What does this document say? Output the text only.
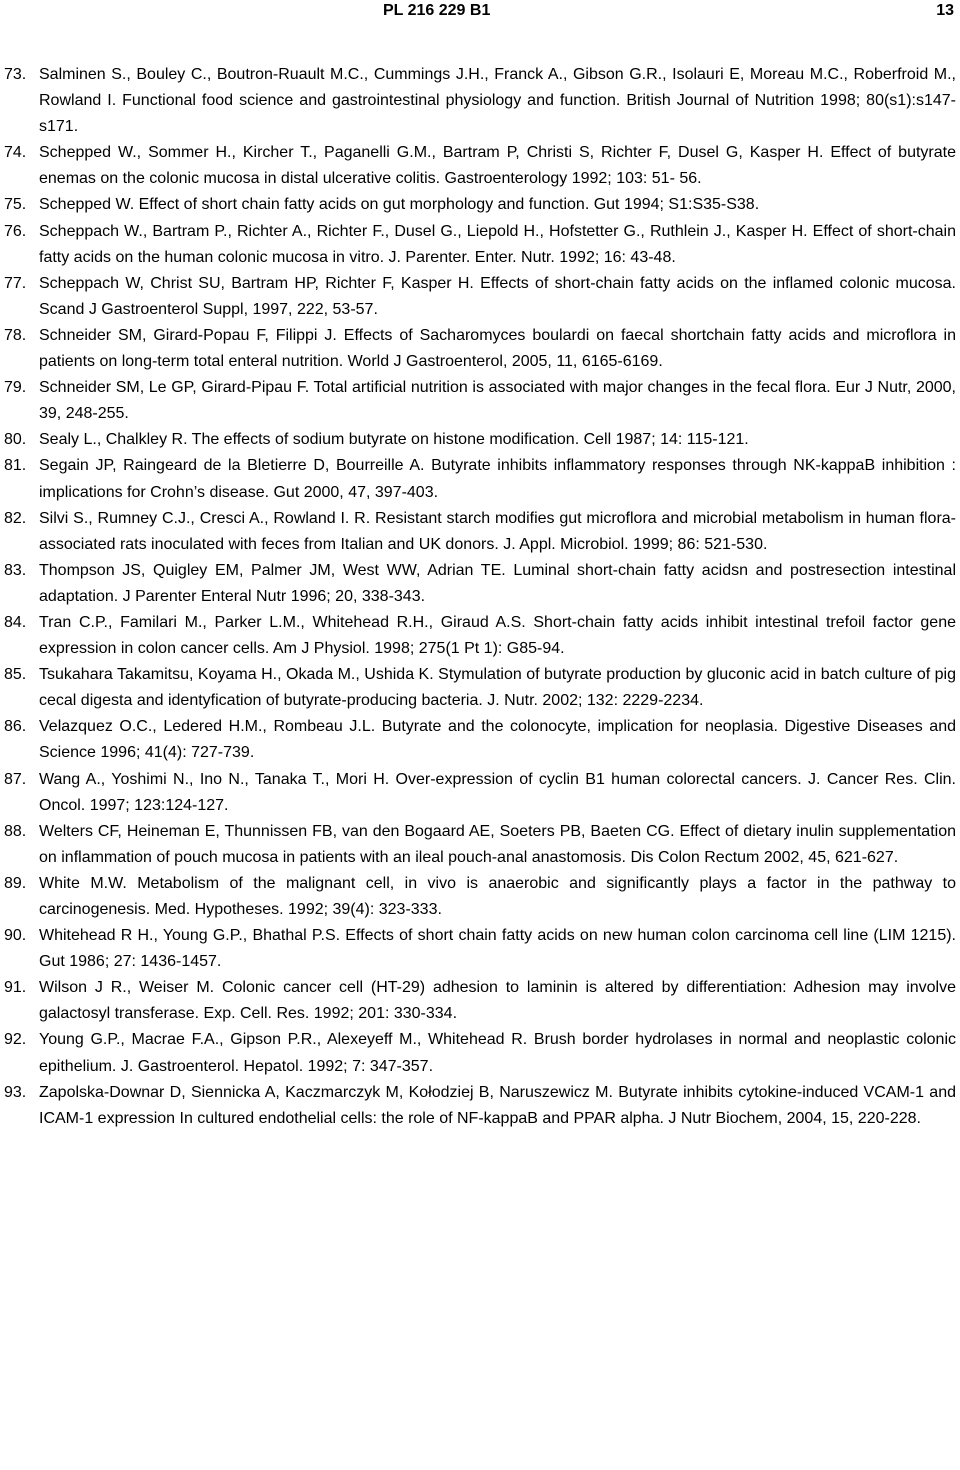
PL 216 229 B1	13
73. Salminen S., Bouley C., Boutron-Ruault M.C., Cummings J.H., Franck A., Gibson G.R., Isolauri E, Moreau M.C., Roberfroid M., Rowland I. Functional food science and gastrointestinal physiology and function. British Journal of Nutrition 1998; 80(s1):s147-s171.
74. Schepped W., Sommer H., Kircher T., Paganelli G.M., Bartram P, Christi S, Richter F, Dusel G, Kasper H. Effect of butyrate enemas on the colonic mucosa in distal ulcerative colitis. Gastroenterology 1992; 103: 51- 56.
75. Schepped W. Effect of short chain fatty acids on gut morphology and function. Gut 1994; S1:S35-S38.
76. Scheppach W., Bartram P., Richter A., Richter F., Dusel G., Liepold H., Hofstetter G., Ruthlein J., Kasper H. Effect of short-chain fatty acids on the human colonic mucosa in vitro. J. Parenter. Enter. Nutr. 1992; 16: 43-48.
77. Scheppach W, Christ SU, Bartram HP, Richter F, Kasper H. Effects of short-chain fatty acids on the inflamed colonic mucosa. Scand J Gastroenterol Suppl, 1997, 222, 53-57.
78. Schneider SM, Girard-Popau F, Filippi J. Effects of Sacharomyces boulardi on faecal shortchain fatty acids and microflora in patients on long-term total enteral nutrition. World J Gastroenterol, 2005, 11, 6165-6169.
79. Schneider SM, Le GP, Girard-Pipau F. Total artificial nutrition is associated with major changes in the fecal flora. Eur J Nutr, 2000, 39, 248-255.
80. Sealy L., Chalkley R. The effects of sodium butyrate on histone modification. Cell 1987; 14: 115-121.
81. Segain JP, Raingeard de la Bletierre D, Bourreille A. Butyrate inhibits inflammatory responses through NK-kappaB inhibition : implications for Crohn’s disease. Gut 2000, 47, 397-403.
82. Silvi S., Rumney C.J., Cresci A., Rowland I. R. Resistant starch modifies gut microflora and microbial metabolism in human flora-associated rats inoculated with feces from Italian and UK donors. J. Appl. Microbiol. 1999; 86: 521-530.
83. Thompson JS, Quigley EM, Palmer JM, West WW, Adrian TE. Luminal short-chain fatty acidsn and postresection intestinal adaptation. J Parenter Enteral Nutr 1996; 20, 338-343.
84. Tran C.P., Familari M., Parker L.M., Whitehead R.H., Giraud A.S. Short-chain fatty acids inhibit intestinal trefoil factor gene expression in colon cancer cells. Am J Physiol. 1998; 275(1 Pt 1): G85-94.
85. Tsukahara Takamitsu, Koyama H., Okada M., Ushida K. Stymulation of butyrate production by gluconic acid in batch culture of pig cecal digesta and identyfication of butyrate-producing bacteria. J. Nutr. 2002; 132: 2229-2234.
86. Velazquez O.C., Ledered H.M., Rombeau J.L. Butyrate and the colonocyte, implication for neoplasia. Digestive Diseases and Science 1996; 41(4): 727-739.
87. Wang A., Yoshimi N., Ino N., Tanaka T., Mori H. Over-expression of cyclin B1 human colorectal cancers. J. Cancer Res. Clin. Oncol. 1997; 123:124-127.
88. Welters CF, Heineman E, Thunnissen FB, van den Bogaard AE, Soeters PB, Baeten CG. Effect of dietary inulin supplementation on inflammation of pouch mucosa in patients with an ileal pouch-anal anastomosis. Dis Colon Rectum 2002, 45, 621-627.
89. White M.W. Metabolism of the malignant cell, in vivo is anaerobic and significantly plays a factor in the pathway to carcinogenesis. Med. Hypotheses. 1992; 39(4): 323-333.
90. Whitehead R H., Young G.P., Bhathal P.S. Effects of short chain fatty acids on new human colon carcinoma cell line (LIM 1215). Gut 1986; 27: 1436-1457.
91. Wilson J R., Weiser M. Colonic cancer cell (HT-29) adhesion to laminin is altered by differentiation: Adhesion may involve galactosyl transferase. Exp. Cell. Res. 1992; 201: 330-334.
92. Young G.P., Macrae F.A., Gipson P.R., Alexeyeff M., Whitehead R. Brush border hydrolases in normal and neoplastic colonic epithelium. J. Gastroenterol. Hepatol. 1992; 7: 347-357.
93. Zapolska-Downar D, Siennicka A, Kaczmarczyk M, Kołodziej B, Naruszewicz M. Butyrate inhibits cytokine-induced VCAM-1 and ICAM-1 expression In cultured endothelial cells: the role of NF-kappaB and PPAR alpha. J Nutr Biochem, 2004, 15, 220-228.
